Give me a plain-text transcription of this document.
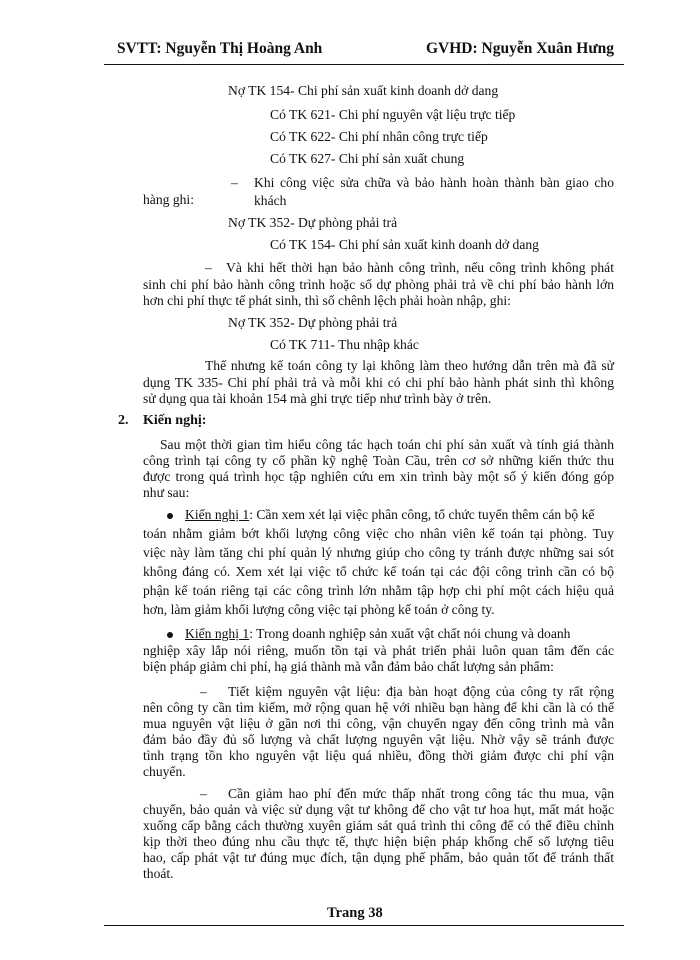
SVTT: Nguyễn Thị Hoàng Anh	GVHD: Nguyễn Xuân Hưng
Nợ TK 154- Chi phí sản xuất kinh doanh dở dang
Có TK 621- Chi phí nguyên vật liệu trực tiếp
Có TK 622- Chi phí nhân công trực tiếp
Có TK 627- Chi phí sản xuất chung
– Khi công việc sửa chữa và bảo hành hoàn thành bàn giao cho khách
hàng ghi:
Nợ TK 352- Dự phòng phải trả
Có TK 154- Chi phí sản xuất kinh doanh dở dang
– Và khi hết thời hạn bảo hành công trình, nếu công trình không phát
sinh chi phí bảo hành công trình hoặc số dự phòng phải trả về chi phí bảo hành lớn
hơn chi phí thực tế phát sinh, thì số chênh lệch phải hoàn nhập, ghi:
Nợ TK 352- Dự phòng phải trả
Có TK 711- Thu nhập khác
Thế nhưng kế toán công ty lại không làm theo hướng dẫn trên mà đã sử
dụng TK 335- Chi phí phải trả và mỗi khi có chi phí bảo hành phát sinh thì không
sử dụng qua tài khoản 154 mà ghi trực tiếp như trình bày ở trên.
2. Kiến nghị:
Sau một thời gian tìm hiểu công tác hạch toán chi phí sản xuất và tính giá thành
công trình tại công ty cổ phần kỹ nghệ Toàn Cầu, trên cơ sở những kiến thức thu
được trong quá trình học tập nghiên cứu em xin trình bày một số ý kiến đóng góp
như sau:
Kiến nghị 1: Cần xem xét lại việc phân công, tổ chức tuyển thêm cán bộ kế
toán nhằm giảm bớt khối lượng công việc cho nhân viên kế toán tại phòng. Tuy
việc này làm tăng chi phí quản lý nhưng giúp cho công ty tránh được những sai sót
không đáng có. Xem xét lại việc tổ chức kế toán tại các đội công trình cần có bộ
phận kế toán riêng tại các công trình lớn nhằm tập hợp chi phí một cách hiệu quả
hơn, làm giảm khối lượng công việc tại phòng kế toán ở công ty.
Kiến nghị 1: Trong doanh nghiệp sản xuất vật chất nói chung và doanh
nghiệp xây lắp nói riêng, muốn tồn tại và phát triển phải luôn quan tâm đến các
biện pháp giảm chi phí, hạ giá thành mà vẫn đảm bảo chất lượng sản phẩm:
– Tiết kiệm nguyên vật liệu: địa bàn hoạt động của công ty rất rộng
nên công ty cần tìm kiếm, mở rộng quan hệ với nhiều bạn hàng để khi cần là có thể
mua nguyên vật liệu ở gần nơi thi công, vận chuyển ngay đến công trình mà vẫn
đảm bảo đầy đủ số lượng và chất lượng nguyên vật liệu. Nhờ vậy sẽ tránh được
tình trạng tồn kho nguyên vật liệu quá nhiều, đồng thời giảm được chi phí vận
chuyển.
– Cần giảm hao phí đến mức thấp nhất trong công tác thu mua, vận
chuyển, bảo quản và việc sử dụng vật tư không để cho vật tư hoa hụt, mất mát hoặc
xuống cấp bằng cách thường xuyên giám sát quá trình thi công để có thể điều chỉnh
kịp thời theo đúng nhu cầu thực tế, thực hiện biện pháp khống chế số lượng tiêu
hao, cấp phát vật tư đúng mục đích, tận dụng phế phẩm, bảo quản tốt để tránh thất
thoát.
Trang 38
